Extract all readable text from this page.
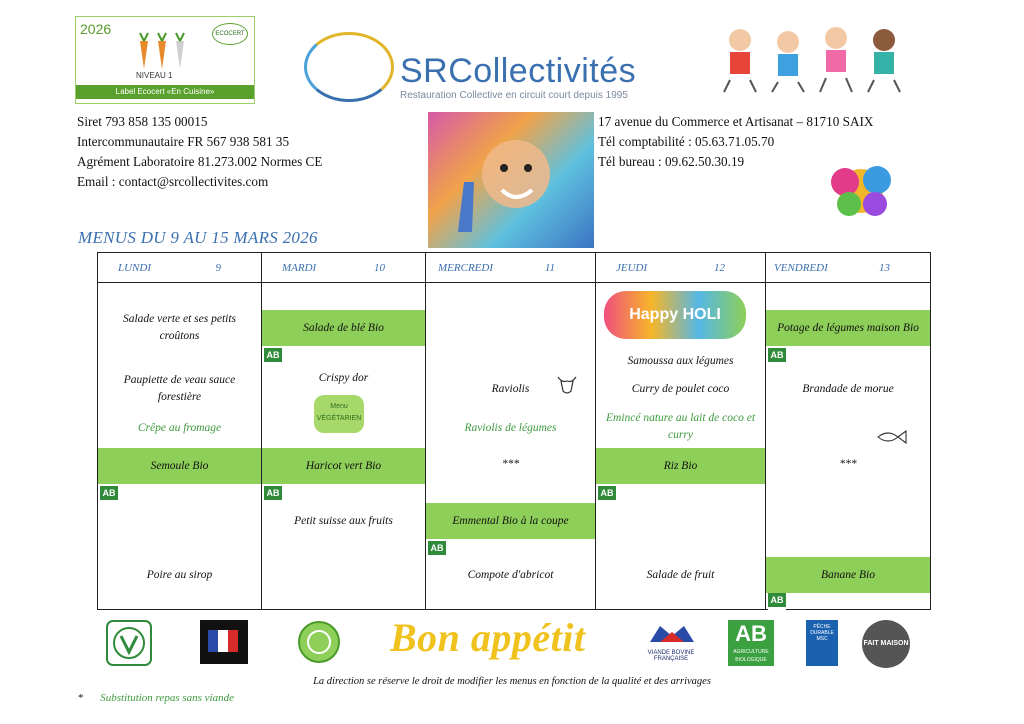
2026	ECOCERT
NIVEAU 1
Label Ecocert «En Cuisine»
SRCollectivités
Restauration Collective en circuit court depuis 1995
Siret 793 858 135 00015
Intercommunautaire FR 567 938 581 35
Agrément Laboratoire 81.273.002 Normes CE
Email : contact@srcollectivites.com
17 avenue du Commerce et Artisanat – 81710 SAIX
Tél comptabilité : 05.63.71.05.70
Tél bureau : 09.62.50.30.19
MENUS DU 9 AU 15 MARS 2026
LUNDI	9
Salade verte et ses petits croûtons
Paupiette de veau sauce forestière
Crêpe au fromage
Semoule Bio
AB
Poire au sirop
MARDI	10
Salade de blé Bio
AB
Crispy dor
Menu VÉGÉTARIEN
Haricot vert Bio
AB
Petit suisse aux fruits
MERCREDI	11
Raviolis
Raviolis de légumes
***
Emmental Bio à la coupe
AB
Compote d'abricot
JEUDI	12
Happy HOLI
Samoussa aux légumes
Curry de poulet coco
Emincé nature au lait de coco et curry
Riz Bio
AB
Salade de fruit
VENDREDI	13
Potage de légumes maison Bio
AB
Brandade de morue
***
Banane Bio
AB
Bon appétit	VIANDE BOVINE FRANÇAISE
AB
AGRICULTURE BIOLOGIQUE
PÊCHE DURABLE MSC
FAIT MAISON
La direction se réserve le droit de modifier les menus en fonction de la qualité et des arrivages
* Substitution repas sans viande
